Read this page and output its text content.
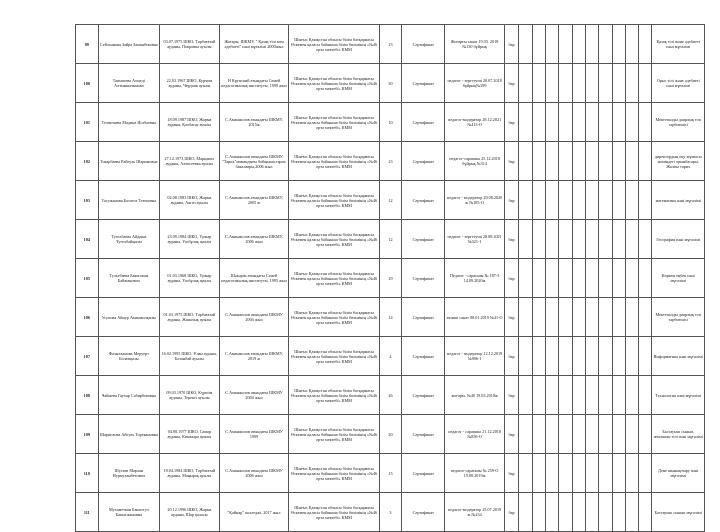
99	Сейлханова Зайра Заманбековна	03.07.1975 ШКО, Тарбағатай ауданы, Покровка ауылы	Жоғары, ШКМУ, " Қазақ тілі мен әдебиеті" пәні мұғалімі 2000жыл	Шығыс Қазақстан облысы білім басқармасы Өскемен қаласы бойынша білім бөлімінің «№46 орта мектебі» КММ	23	Сертификат	Жоғарғы санат 19.03. 2018 №130 бұйрық	бар											Қазақ тілі және әдебиеті пәні мұғалімі
100	Тапышева Ахмедi Алтынкызынова	22.03.1967 ШКО, Курчим ауданы, Чердояк ауылы	Н Крупский атындағы Семей педагогикалық институты, 1990 жыл	Шығыс Қазақстан облысы білім басқармасы Өскемен қаласы бойынша білім бөлімінің «№46 орта мектебі» КММ	30	Сертификат	педагог - зерттеуші 20.07.2018 бұйрық№399	бар											Орыс тілі және әдебиеті пәні мұғалімі
101	Тезекпаева Мадина Исабаевна	18.09.1987 ШКО, Жарма ауданы, Қалбатау ауылы	С.Аманжолов атындағы ШКМУ, 2015ж	Шығыс Қазақстан облысы білім басқармасы Өскемен қаласы бойынша білім бөлімінің «№46 орта мектебі» КММ	10	Сертификат	педагог-модератор 28.12.2021 №413-О	бар											Мектепалды даярлық топ тәрбиешісі
102	Токарбаева Райгуль Шаримовна	27.12.1973 ШКО, Марқакөл ауданы, Алексеевка ауылы	С.Аманжолов атындағы ШКМУ "Тарих"мамандығы бойынша,тарих бакалавры,2006 жыл	Шығыс Қазақстан облысы білім басқармасы Өскемен қаласы бойынша білім бөлімінің «№46 орта мектебі» КММ	23	Сертификат	педагог-сарапшы 25.12.2018 бұйрық №314	бар											директордың оқу жұмысы жөніндегі орынбасары, Жалпы тарих
103	Тасужанова Ботагоз Тезековна	02.08.1983 ШКО, Жарма ауданы, Аягөз ауылы	С.Аманжолов атындағы ШКМУ, 2005 ж	Шығыс Қазақстан облысы білім басқармасы Өскемен қаласы бойынша білім бөлімінің «№46 орта мектебі» КММ	12	Сертификат	педагог - модератор 29.08.2020 ж №185-О	бар											математика пәні мұғалімі
104	Тугелбаева Айдына Тугелбайқызы	23.09.1984 ШКО, Үржар ауданы, Үшбұлақ ауылы	С.Аманжолов атындағы ШКМУ, 2006 жыл	Шығыс Қазақстан облысы білім басқармасы Өскемен қаласы бойынша білім бөлімінің «№46 орта мектебі» КММ	12	Сертификат	педагог - зерттеуші 28.08.2021 №321-1	бар											География пәні мұғалімі
105	Тульебаева Бакытжан Байжанович	01.03.1968 ШКО, Үржар ауданы, Үшбұлақ ауылы	Шәкәрім атындағы Семей педагогикалық институты, 1995 жыл	Шығыс Қазақстан облысы білім басқармасы Өскемен қаласы бойынша білім бөлімінің «№46 орта мектебі» КММ	29	Сертификат	Педагог - сарапшы № 187-3 14.09.2020ж	бар											Көркем еңбек пәні мұғалімі
106	Усупова Айнур Аманжолқызы	01.03.1975 ШКО, Тарбағатай ауданы, Жаналық ауылы	С.Аманжолов атындағы ШКМУ 2004 жыл	Шығыс Қазақстан облысы білім басқармасы Өскемен қаласы бойынша білім бөлімінің «№46 орта мектебі» КММ	14	Сертификат	екінші санат 08.01.2019 №41-О	бар											Мектепалды даярлық топ тәрбиешісі
107	Фазылханова Меруерт Болатқызы	16.02.1995 ШКО, Ұлан ауданы, Бозанбай ауылы	С.Аманжолов атындағы ШКМУ, 2019 ж	Шығыс Қазақстан облысы білім басқармасы Өскемен қаласы бойынша білім бөлімінің «№46 орта мектебі» КММ	4	Сертификат	педагог - модератор 12.12.2019 №906-1	бар											Информатика пәні мұғалімі
108	Чаймева Гаухар Сәбирбековна	09.03.1970 ШКО, Күршім ауданы, Теректі ауылы	С.Аманжолов атындағы ШКМУ 2004 жыл	Шығыс Қазақстан облысы білім басқармасы Өскемен қаласы бойынша білім бөлімінің «№46 орта мектебі» КММ	26	Сертификат	жоғары, №40 19.03.2018ж	бар											Технология пәні мұғалімі
109	Шарипхова Айгуль Торекановна	04.08.1977 ШКО, Самар ауданы, Көкжыра ауылы	С.Аманжолов атындағы ШКМУ 1999	Шығыс Қазақстан облысы білім басқармасы Өскемен қаласы бойынша білім бөлімінің «№46 орта мектебі» КММ	20	Сертификат	педагог - сарапшы 21.12.2018 №856-О	бар											Бастауыш сынып, ағылшын тілі пәні мұғалімі
110	Шугаев Марлан Нурмуханбетович	18.04.1984 ШКО, Тарбағатай ауданы, Маңырақ ауылы	С.Аманжолов атындағы ШКМУ 2006 жыл	Шығыс Қазақстан облысы білім басқармасы Өскемен қаласы бойынша білім бөлімінің «№46 орта мектебі» КММ	15	Сертификат	педагог-сарапшы № 259-О 19.08.2019ж	бар											Дене шынықтыру пәні мұғалімі
111	Мухаметкан Бакытгул Бакытжановна	20.12.1996 ШКО, Жарма ауданы, Шар қаласы	"Қайнар" колледжі, 2017 жыл	Шығыс Қазақстан облысы білім басқармасы Өскемен қаласы бойынша білім бөлімінің «№46 орта мектебі» КММ	3	Сертификат	педагог-модератор 25.07.2019 ж №234	бар											Бастауыш сынып мұғалімі
